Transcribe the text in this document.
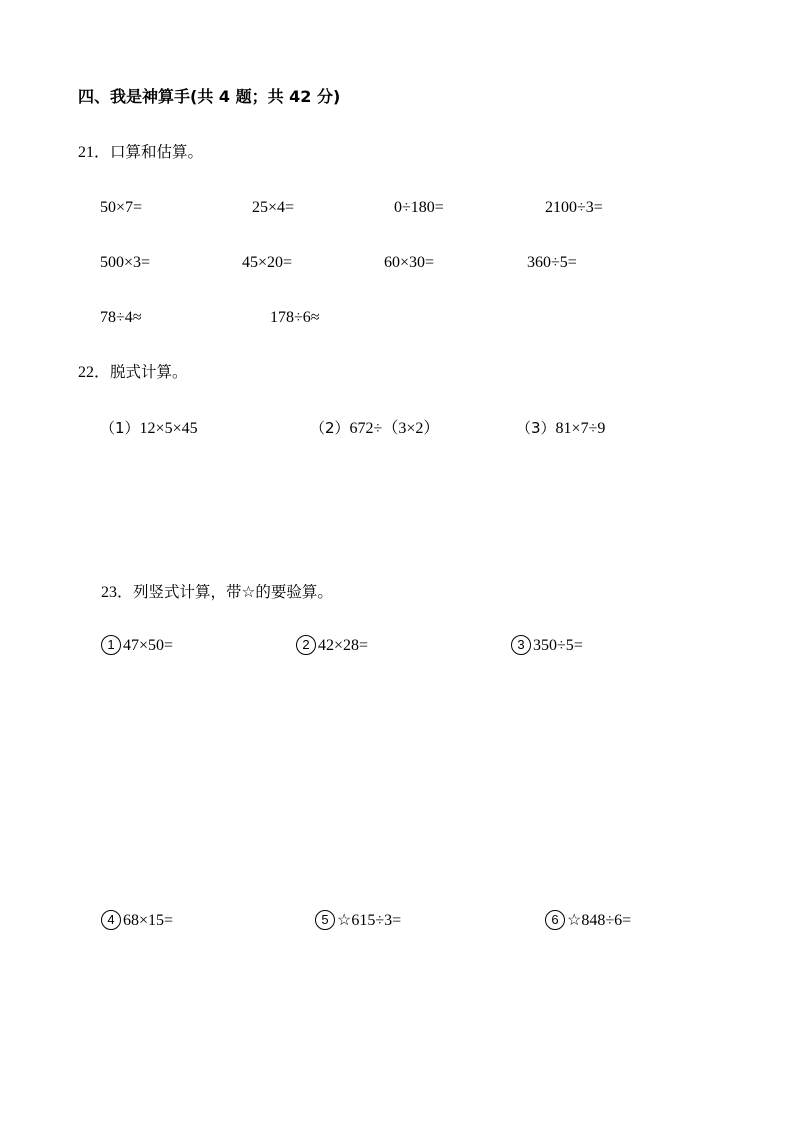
四、我是神算手(共 4 题；共 42 分)
21．口算和估算。
50×7=	25×4=	0÷180=	2100÷3=
500×3=	45×20=	60×30=	360÷5=
78÷4≈	178÷6≈
22．脱式计算。
（1）12×5×45	（2）672÷（3×2）	（3）81×7÷9
23．列竖式计算，带☆的要验算。
1 47×50=	2 42×28=	3 350÷5=
4 68×15=	5 ☆615÷3=	6 ☆848÷6=
